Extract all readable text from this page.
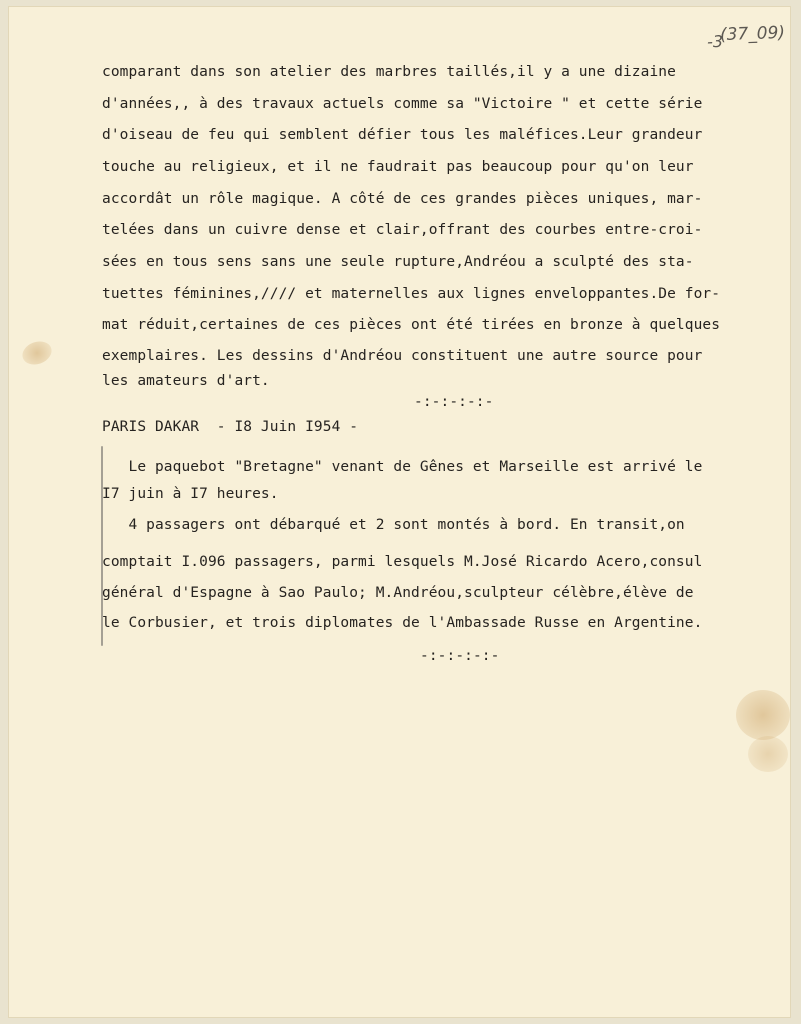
-3
(37_09)

comparant dans son atelier des marbres taillés,il y a une dizaine

d'années,, à des travaux actuels comme sa "Victoire " et cette série

d'oiseau de feu qui semblent défier tous les maléfices.Leur grandeur

touche au religieux, et il ne faudrait pas beaucoup pour qu'on leur

accordât un rôle magique. A côté de ces grandes pièces uniques, mar-

telées dans un cuivre dense et clair,offrant des courbes entre-croi-

sées en tous sens sans une seule rupture,Andréou a sculpté des sta-

tuettes féminines,//// et maternelles aux lignes enveloppantes.De for-

mat réduit,certaines de ces pièces ont été tirées en bronze à quelques

exemplaires. Les dessins d'Andréou constituent une autre source pour

les amateurs d'art.

-:-:-:-:-

PARIS DAKAR  - I8 Juin I954 -

Le paquebot "Bretagne" venant de Gênes et Marseille est arrivé le

I7 juin à I7 heures.

4 passagers ont débarqué et 2 sont montés à bord. En transit,on

comptait I.096 passagers, parmi lesquels M.José Ricardo Acero,consul

général d'Espagne à Sao Paulo; M.Andréou,sculpteur célèbre,élève de

le Corbusier, et trois diplomates de l'Ambassade Russe en Argentine.

-:-:-:-:-
